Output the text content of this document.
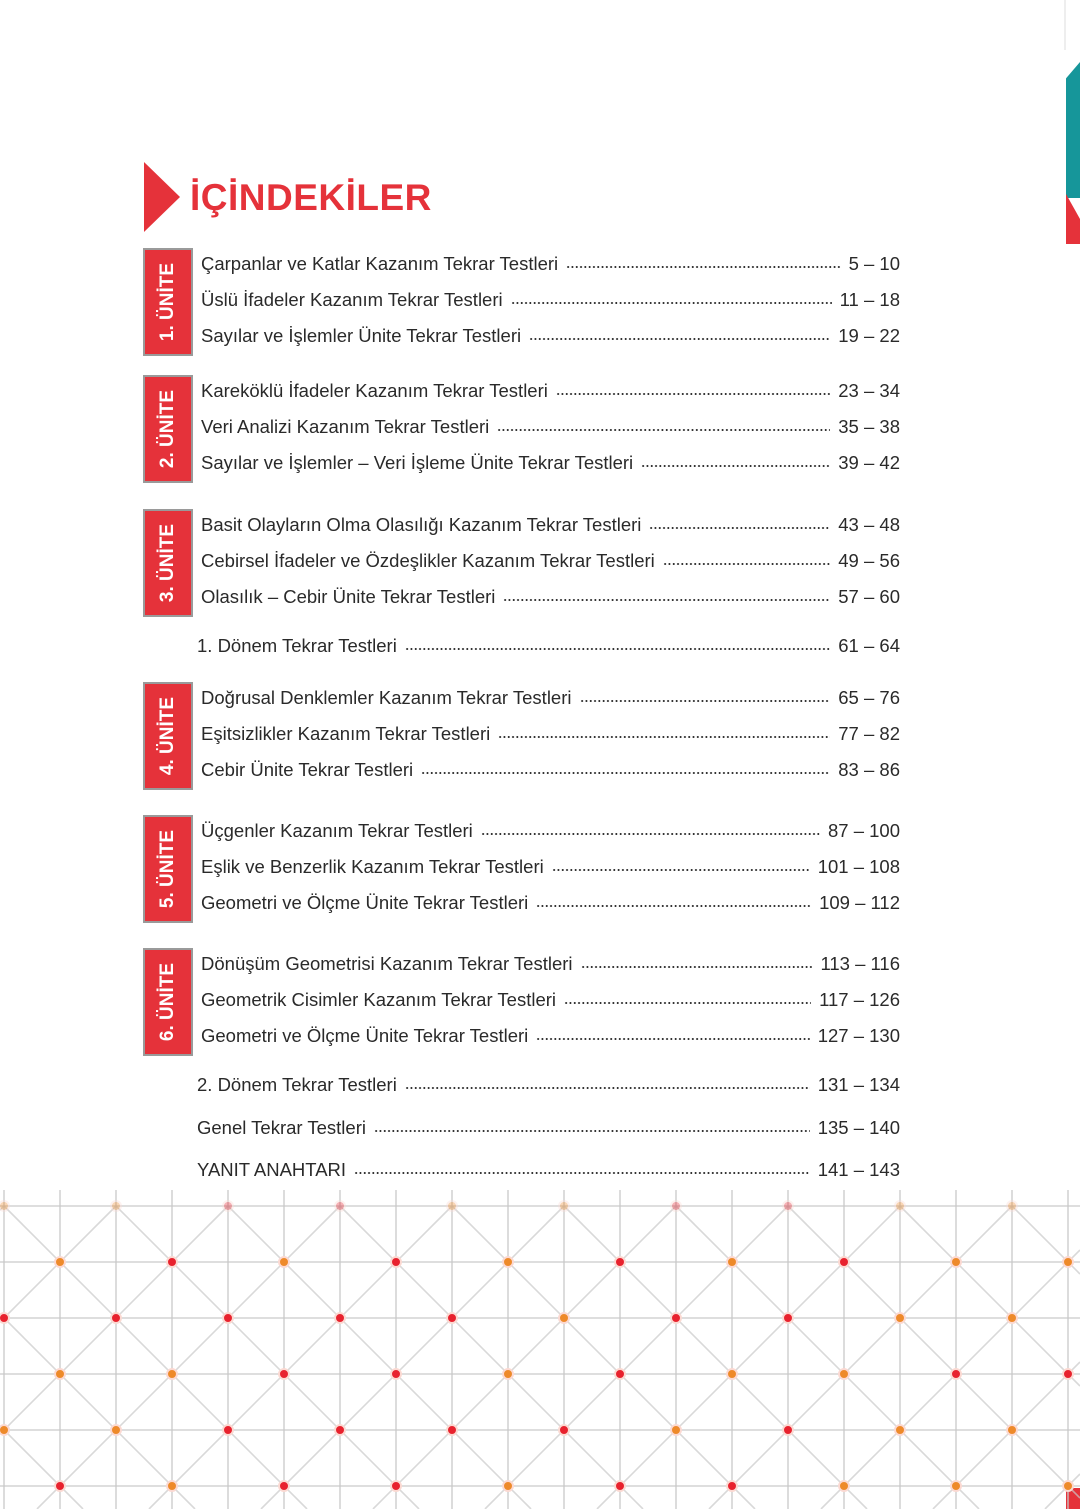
İÇİNDEKİLER
1. ÜNİTE Çarpanlar ve Katlar Kazanım Tekrar Testleri	5 – 10
Üslü İfadeler Kazanım Tekrar Testleri	11 – 18
Sayılar ve İşlemler Ünite Tekrar Testleri	19 – 22
2. ÜNİTE Kareköklü İfadeler Kazanım Tekrar Testleri	23 – 34
Veri Analizi Kazanım Tekrar Testleri	35 – 38
Sayılar ve İşlemler – Veri İşleme Ünite Tekrar Testleri	39 – 42
3. ÜNİTE Basit Olayların Olma Olasılığı Kazanım Tekrar Testleri	43 – 48
Cebirsel İfadeler ve Özdeşlikler Kazanım Tekrar Testleri	49 – 56
Olasılık – Cebir Ünite Tekrar Testleri	57 – 60
4. ÜNİTE Doğrusal Denklemler Kazanım Tekrar Testleri	65 – 76
Eşitsizlikler Kazanım Tekrar Testleri	77 – 82
Cebir Ünite Tekrar Testleri	83 – 86
5. ÜNİTE Üçgenler Kazanım Tekrar Testleri	87 – 100
Eşlik ve Benzerlik Kazanım Tekrar Testleri	101 – 108
Geometri ve Ölçme Ünite Tekrar Testleri	109 – 112
6. ÜNİTE Dönüşüm Geometrisi Kazanım Tekrar Testleri	113 – 116
Geometrik Cisimler Kazanım Tekrar Testleri	117 – 126
Geometri ve Ölçme Ünite Tekrar Testleri	127 – 130
1. Dönem Tekrar Testleri	61 – 64
2. Dönem Tekrar Testleri	131 – 134
Genel Tekrar Testleri	135 – 140
YANIT ANAHTARI	141 – 143
